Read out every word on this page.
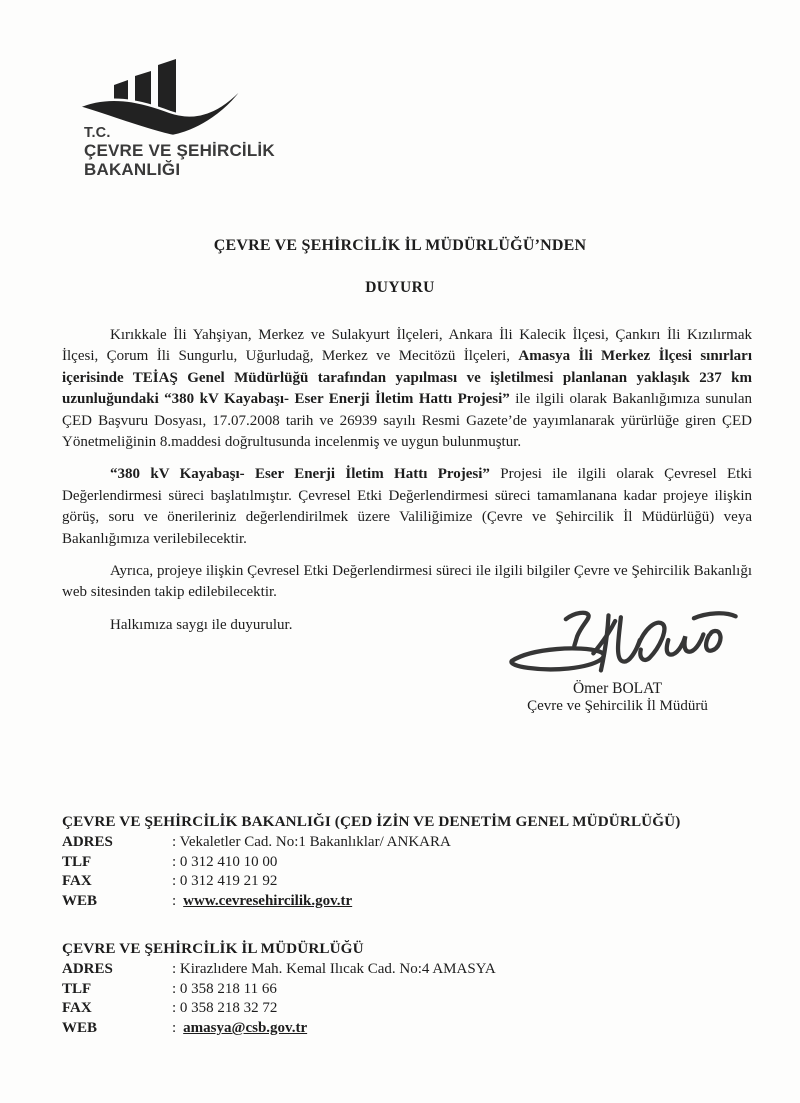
T.C.
ÇEVRE VE ŞEHİRCİLİK
BAKANLIĞI
ÇEVRE VE ŞEHİRCİLİK İL MÜDÜRLÜĞÜ’NDEN
DUYURU

Kırıkkale İli Yahşiyan, Merkez ve Sulakyurt İlçeleri, Ankara İli Kalecik İlçesi, Çankırı İli Kızılırmak İlçesi, Çorum İli Sungurlu, Uğurludağ, Merkez ve Mecitözü İlçeleri, Amasya İli Merkez İlçesi sınırları içerisinde TEİAŞ Genel Müdürlüğü tarafından yapılması ve işletilmesi planlanan yaklaşık 237 km uzunluğundaki “380 kV Kayabaşı- Eser Enerji İletim Hattı Projesi” ile ilgili olarak Bakanlığımıza sunulan ÇED Başvuru Dosyası, 17.07.2008 tarih ve 26939 sayılı Resmi Gazete’de yayımlanarak yürürlüğe giren ÇED Yönetmeliğinin 8.maddesi doğrultusunda incelenmiş ve uygun bulunmuştur.

“380 kV Kayabaşı- Eser Enerji İletim Hattı Projesi” Projesi ile ilgili olarak Çevresel Etki Değerlendirmesi süreci başlatılmıştır. Çevresel Etki Değerlendirmesi süreci tamamlanana kadar projeye ilişkin görüş, soru ve önerileriniz değerlendirilmek üzere Valiliğimize (Çevre ve Şehircilik İl Müdürlüğü) veya Bakanlığımıza verilebilecektir.

Ayrıca, projeye ilişkin Çevresel Etki Değerlendirmesi süreci ile ilgili bilgiler Çevre ve Şehircilik Bakanlığı web sitesinden takip edilebilecektir.

Halkımıza saygı ile duyurulur.

Ömer BOLAT
Çevre ve Şehircilik İl Müdürü
ÇEVRE VE ŞEHİRCİLİK BAKANLIĞI (ÇED İZİN VE DENETİM GENEL MÜDÜRLÜĞÜ)
ADRES	: Vekaletler Cad. No:1 Bakanlıklar/ ANKARA
TLF	: 0 312 410 10 00
FAX	: 0 312 419 21 92
WEB	: www.cevresehircilik.gov.tr
ÇEVRE VE ŞEHİRCİLİK İL MÜDÜRLÜĞÜ
ADRES	: Kirazlıdere Mah. Kemal Ilıcak Cad. No:4 AMASYA
TLF	: 0 358 218 11 66
FAX	: 0 358 218 32 72
WEB	: amasya@csb.gov.tr
